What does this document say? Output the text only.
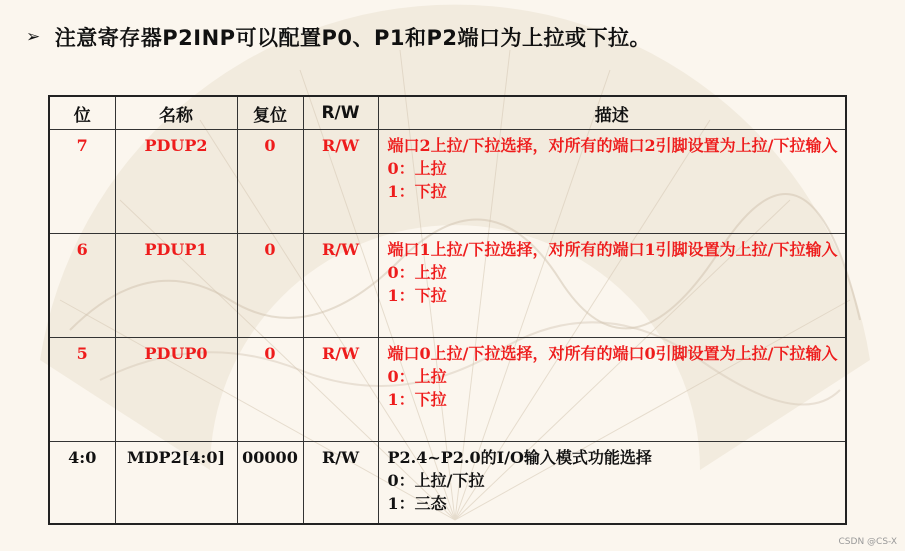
➢ 注意寄存器P2INP可以配置P0、P1和P2端口为上拉或下拉。
位	名称	复位	R/W	描述
7	PDUP2	0	R/W	端口2上拉/下拉选择，对所有的端口2引脚设置为上拉/下拉输入
0：上拉
1：下拉

6	PDUP1	0	R/W	端口1上拉/下拉选择，对所有的端口1引脚设置为上拉/下拉输入
0：上拉
1：下拉

5	PDUP0	0	R/W	端口0上拉/下拉选择，对所有的端口0引脚设置为上拉/下拉输入
0：上拉
1：下拉

4:0	MDP2[4:0]	00000	R/W	P2.4~P2.0的I/O输入模式功能选择
0：上拉/下拉
1：三态
CSDN @CS-X
